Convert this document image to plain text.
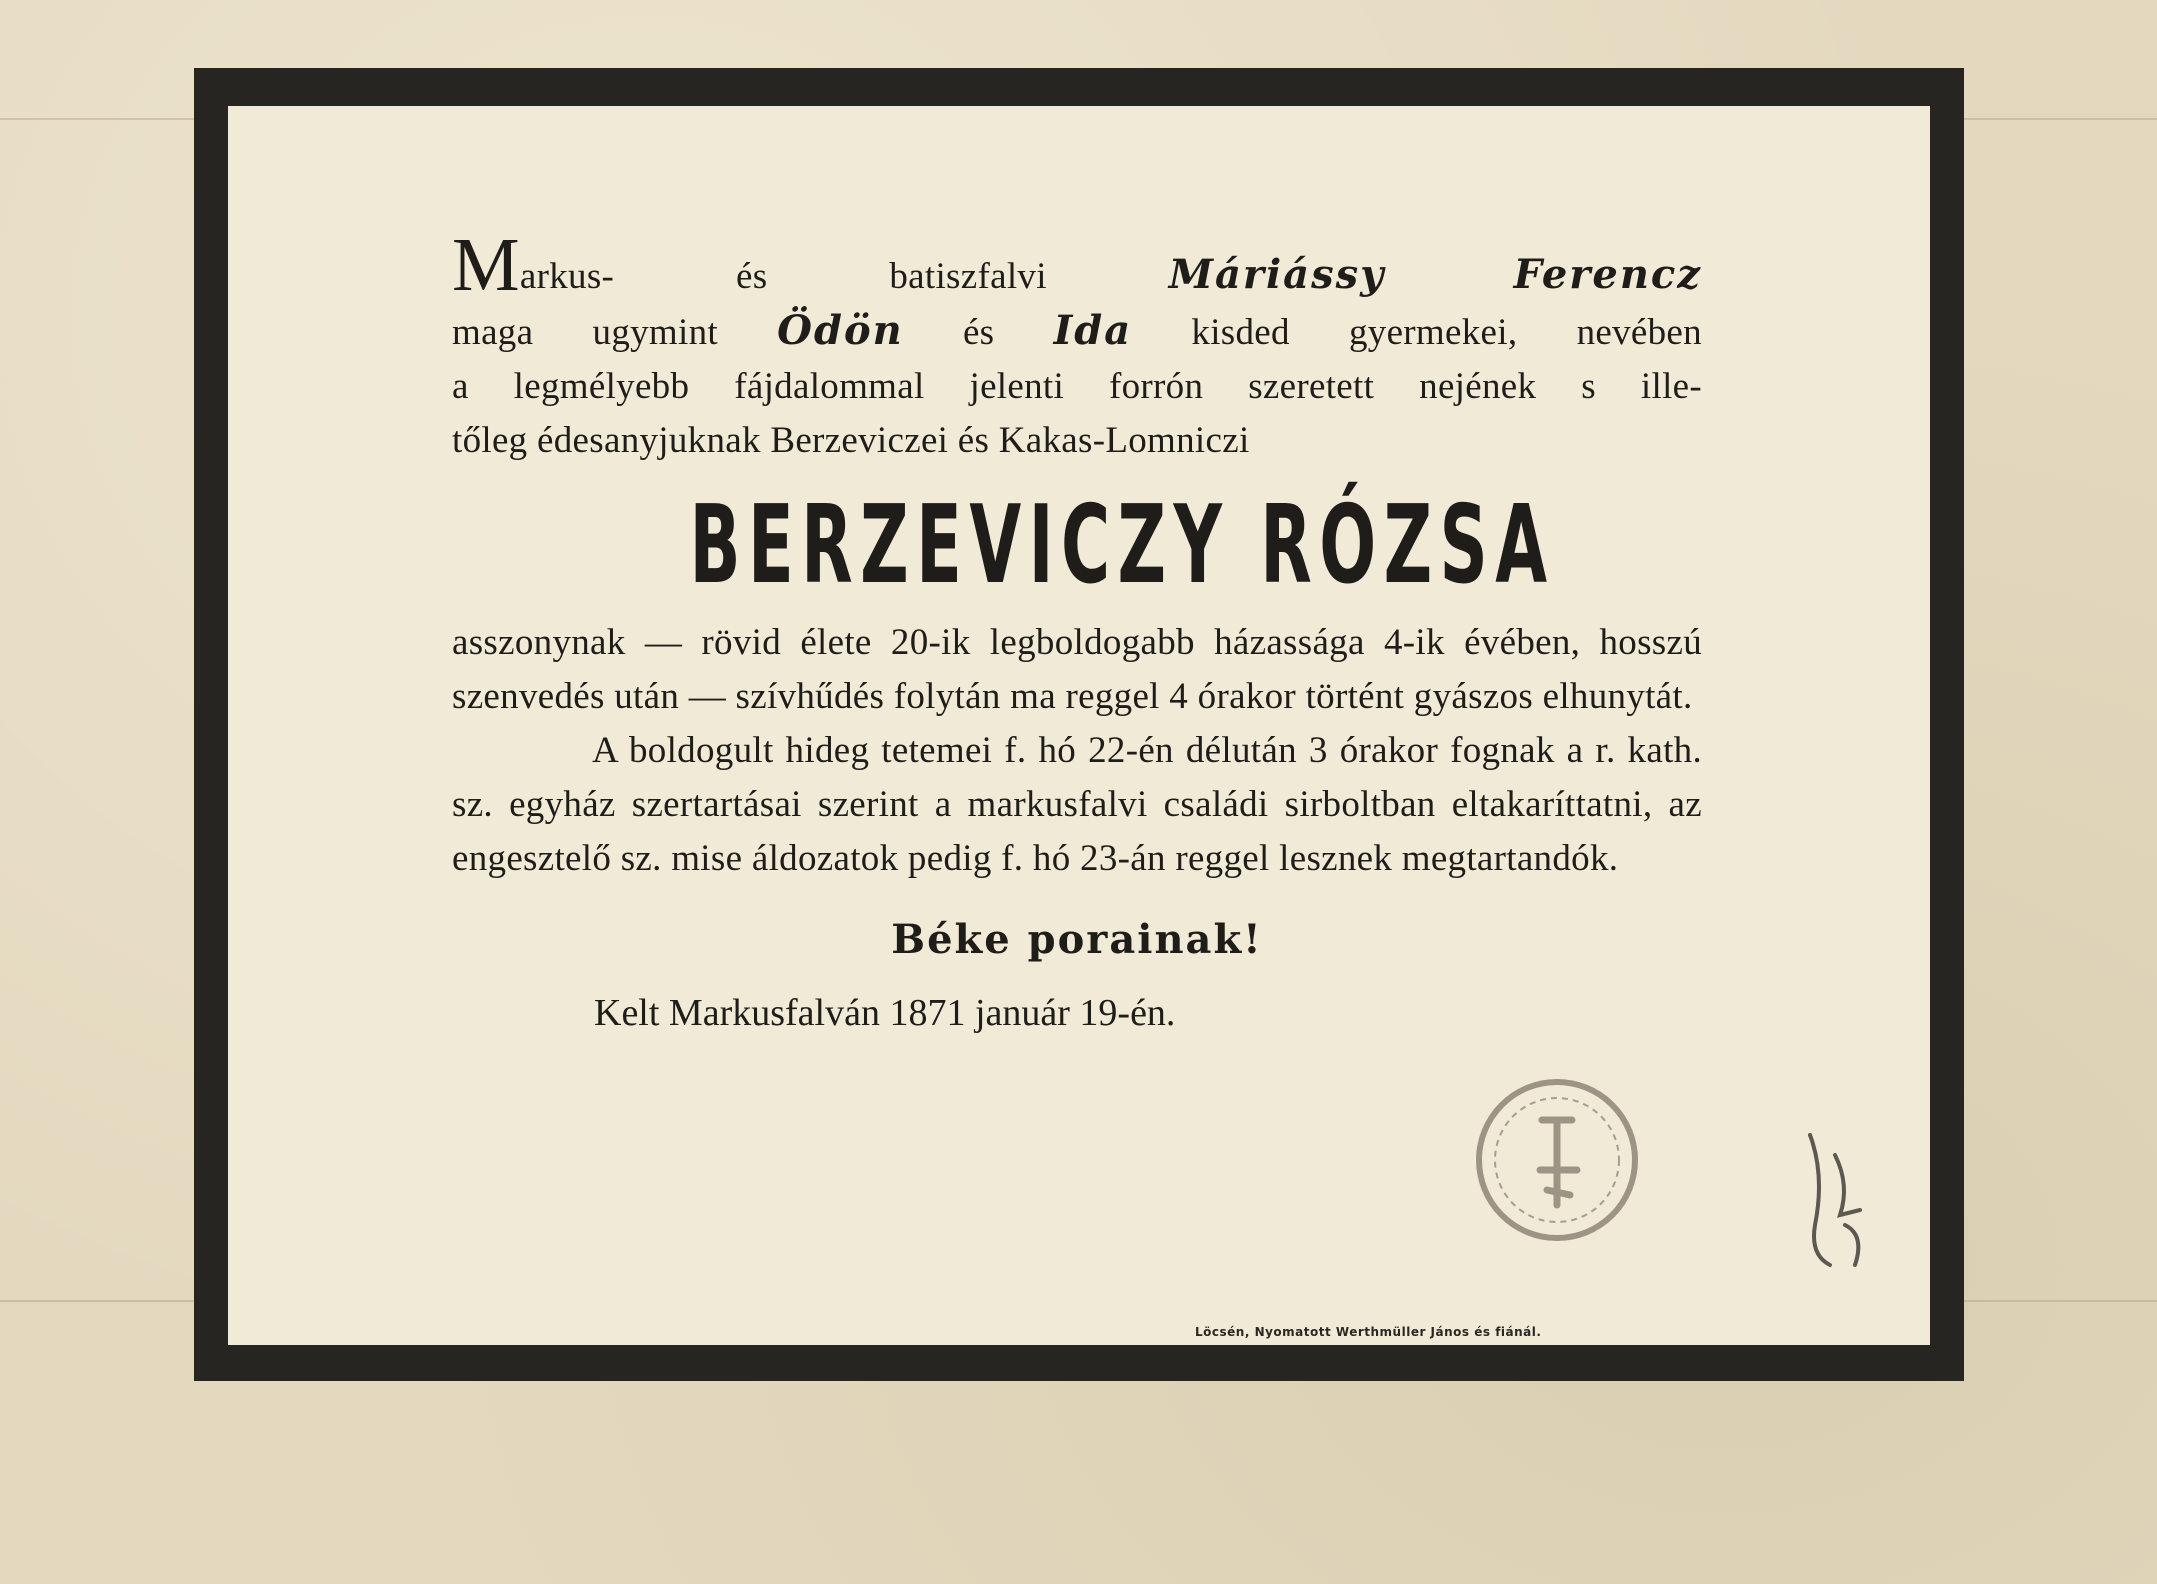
Markus- és batiszfalvi	Máriássy Ferencz

maga ugymint Ödön és Ida kisded gyermekei, nevében

a legmélyebb fájdalommal jelenti forrón szeretett nejének s ille-

tőleg édesanyjuknak Berzeviczei és Kakas-Lomniczi

BERZEVICZY RÓZSA

asszonynak — rövid élete 20-ik legboldogabb házassága 4-ik évében, hosszú szenvedés után — szívhűdés folytán ma reggel 4 órakor történt gyászos elhunytát.

A boldogult hideg tetemei f. hó 22-én délután 3 órakor fognak a r. kath. sz. egyház szertartásai szerint a markusfalvi családi sirboltban eltakaríttatni, az engesztelő sz. mise áldozatok pedig f. hó 23-án reggel lesznek megtartandók.

Béke porainak!
Kelt Markusfalván 1871 január 19-én.
Löcsén, Nyomatott Werthmüller János és fiánál.
